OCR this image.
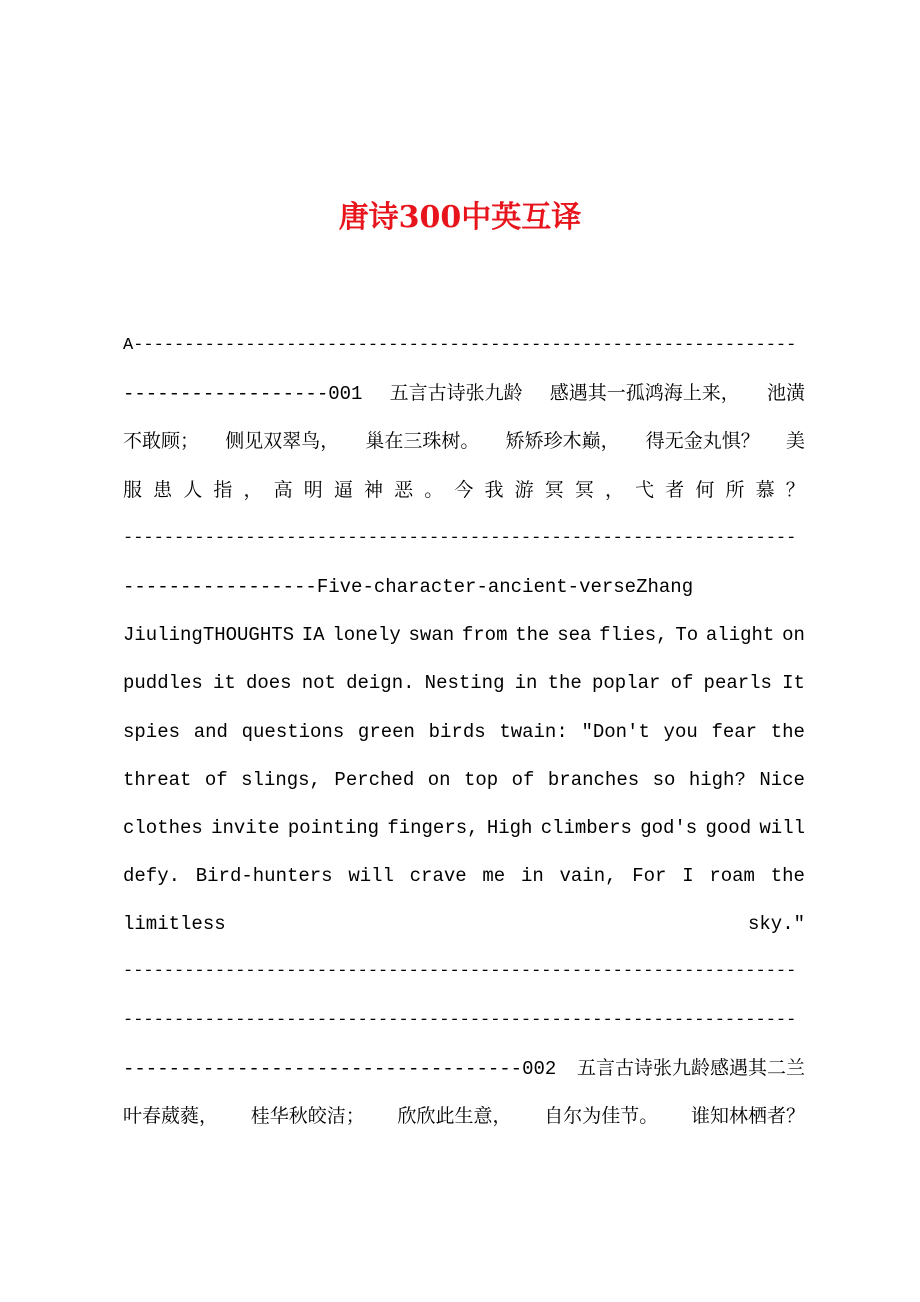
唐诗300中英互译
A-----------------------------------------------------------------
------------------001 五言古诗张九龄 感遇其一孤鸿海上来， 池潢
不敢顾； 侧见双翠鸟， 巢在三珠树。 矫矫珍木巅， 得无金丸惧？ 美
服 患 人 指 ， 高 明 逼 神 恶 。 今 我 游 冥 冥 ， 弋 者 何 所 慕 ？
------------------------------------------------------------------
-----------------Five-character-ancient-verseZhang
JiulingTHOUGHTS IA lonely swan from the sea flies, To alight on
puddles it does not deign. Nesting in the poplar of pearls It
spies and questions green birds twain: "Don't you fear the
threat of slings, Perched on top of branches so high? Nice
clothes invite pointing fingers, High climbers god's good will
defy. Bird-hunters will crave me in vain, For I roam the
limitless	sky."
------------------------------------------------------------------
------------------------------------------------------------------
-----------------------------------002 五言古诗张九龄感遇其二兰
叶春葳蕤， 桂华秋皎洁； 欣欣此生意， 自尔为佳节。 谁知林栖者？
